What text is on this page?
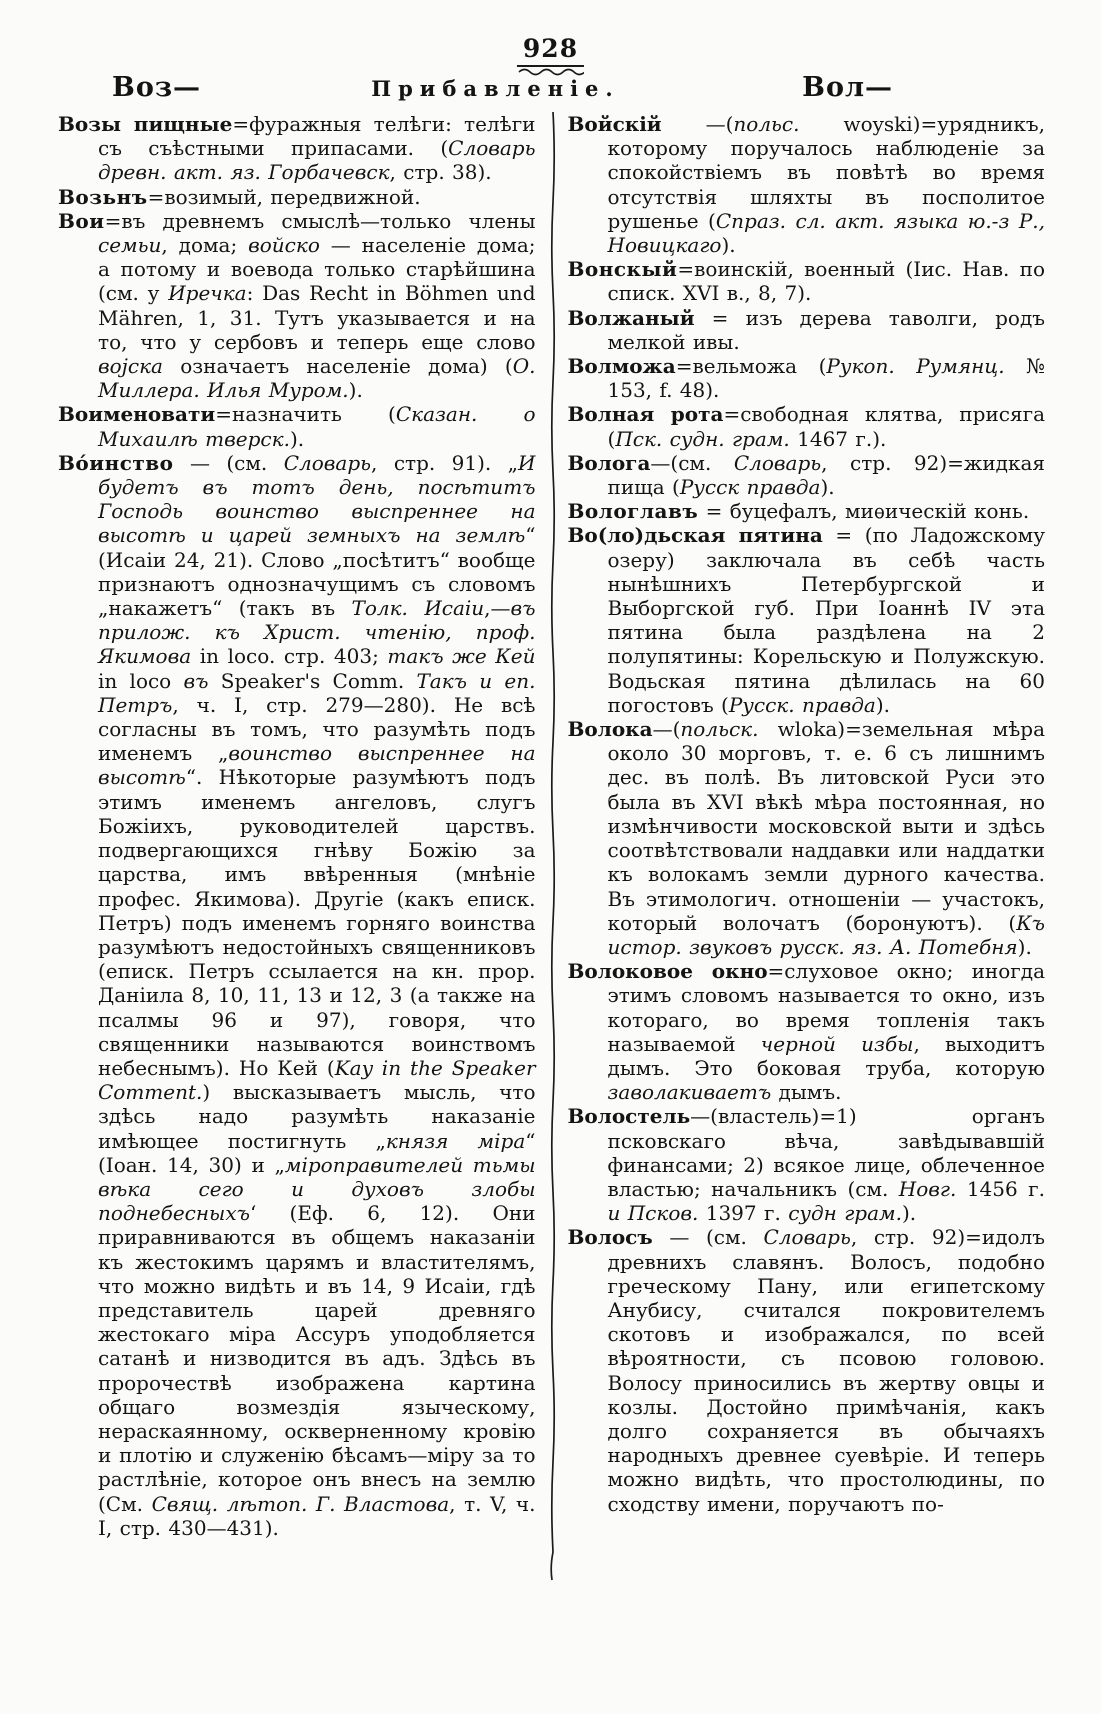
928
Воз—	Прибавленіе.	Вол—

Возы пищные=фуражныя телѣги: телѣги съ съѣстными припасами. (Словарь древн. акт. яз. Горбачевск, стр. 38).

Возьнъ=возимый, передвижной.

Вои=въ древнемъ смыслѣ—только члены семьи, дома; войско — населеніе дома; а потому и воевода только старѣйшина (см. у Иречка: Das Recht in Böhmen und Mähren, 1, 31. Тутъ указывается и на то, что у сербовъ и теперь еще слово воjска означаетъ населеніе дома) (О. Миллера. Илья Муром.).

Воименовати=назначить (Сказан. о Михаилѣ тверск.).

Во́инство — (см. Словарь, стр. 91). „И будетъ въ тотъ день, посѣтитъ Господь воинство выспреннее на высотѣ и царей земныхъ на землѣ“ (Исаіи 24, 21). Слово „посѣтитъ“ вообще признаютъ однозначущимъ съ словомъ „накажетъ“ (такъ въ Толк. Исаіи,—въ прилож. къ Христ. чтенію, проф. Якимова in loco. стр. 403; такъ же Кей in loco въ Speaker's Comm. Такъ и еп. Петръ, ч. I, стр. 279—280). Не всѣ согласны въ томъ, что разумѣть подъ именемъ „воинство выспреннее на высотѣ“. Нѣкоторые разумѣютъ подъ этимъ именемъ ангеловъ, слугъ Божіихъ, руководителей царствъ. подвергающихся гнѣву Божію за царства, имъ ввѣренныя (мнѣніе профес. Якимова). Другіе (какъ еписк. Петръ) подъ именемъ горняго воинства разумѣютъ недостойныхъ священниковъ (еписк. Петръ ссылается на кн. прор. Даніила 8, 10, 11, 13 и 12, 3 (а также на псалмы 96 и 97), говоря, что священники называются воинствомъ небеснымъ). Но Кей (Kay in the Speaker Comment.) высказываетъ мысль, что здѣсь надо разумѣть наказаніе имѣющее постигнуть „князя міра“ (Іоан. 14, 30) и „міроправителей тьмы вѣка сего и духовъ злобы поднебесныхъ‘ (Еф. 6, 12). Они приравниваются въ общемъ наказаніи къ жестокимъ царямъ и властителямъ, что можно видѣть и въ 14, 9 Исаіи, гдѣ представитель царей древняго жестокаго міра Ассуръ уподобляется сатанѣ и низводится въ адъ. Здѣсь въ пророчествѣ изображена картина общаго возмездія языческому, нераскаянному, оскверненному кровію и плотію и служенію бѣсамъ—міру за то растлѣніе, которое онъ внесъ на землю (См. Свящ. лѣтоп. Г. Властова, т. V, ч. I, стр. 430—431).

Войскій —(польс. woyski)=урядникъ, которому поручалось наблюденіе за спокойствіемъ въ повѣтѣ во время отсутствія шляхты въ посполитое рушенье (Спраз. сл. акт. языка ю.-з Р., Новицкаго).

Вонскый=воинскій, военный (Іис. Нав. по списк. XVI в., 8, 7).

Волжаный = изъ дерева таволги, родъ мелкой ивы.

Волможа=вельможа (Рукоп. Румянц. № 153, f. 48).

Волная рота=свободная клятва, присяга (Пск. судн. грам. 1467 г.).

Волога—(см. Словарь, стр. 92)=жидкая пища (Русск правда).

Вологлавъ = буцефалъ, миѳическій конь.

Во(ло)дьская пятина = (по Ладожскому озеру) заключала въ себѣ часть нынѣшнихъ Петербургской и Выборгской губ. При Іоаннѣ IV эта пятина была раздѣлена на 2 полупятины: Корельскую и Полужскую. Водьская пятина дѣлилась на 60 погостовъ (Русск. правда).

Волока—(польск. wloka)=земельная мѣра около 30 морговъ, т. е. 6 съ лишнимъ дес. въ полѣ. Въ литовской Руси это была въ XVI вѣкѣ мѣра постоянная, но измѣнчивости московской выти и здѣсь соотвѣтствовали наддавки или наддатки къ волокамъ земли дурного качества. Въ этимологич. отношеніи — участокъ, который волочатъ (боронуютъ). (Къ истор. звуковъ русск. яз. А. Потебня).

Волоковое окно=слуховое окно; иногда этимъ словомъ называется то окно, изъ котораго, во время топленія такъ называемой черной избы, выходитъ дымъ. Это боковая труба, которую заволакиваетъ дымъ.

Волостель—(властель)=1) органъ псковскаго вѣча, завѣдывавшій финансами; 2) всякое лице, облеченное властью; начальникъ (см. Новг. 1456 г. и Псков. 1397 г. судн грам.).

Волосъ — (см. Словарь, стр. 92)=идолъ древнихъ славянъ. Волосъ, подобно греческому Пану, или египетскому Анубису, считался покровителемъ скотовъ и изображался, по всей вѣроятности, съ псовою головою. Волосу приносились въ жертву овцы и козлы. Достойно примѣчанія, какъ долго сохраняется въ обычаяхъ народныхъ древнее суевѣріе. И теперь можно видѣть, что простолюдины, по сходству имени, поручаютъ по-
